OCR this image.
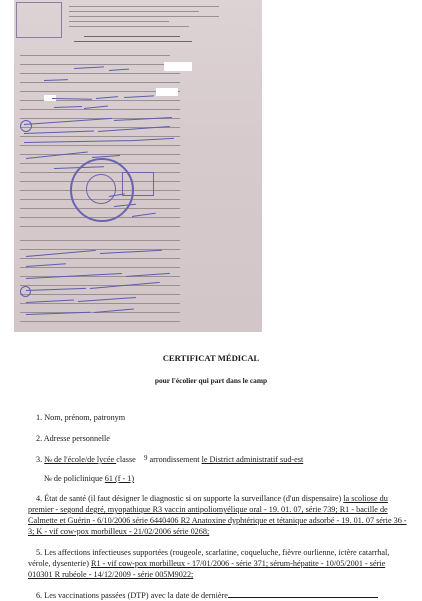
CERTIFICAT MÉDICAL
pour l'écolier qui part dans le camp
1. Nom, prénom, patronym
2. Adresse personnelle
3. № de l'école/de lycée classe 9 arrondissement le District administratif sud-est
№ de policlinique 61 (f - 1)
4. État de santé (il faut désigner le diagnostic si on supporte la surveillance (d'un dispensaire) la scoliose du
premier - segond degré, myopathique R3 vaccin antipoliomyélique oral - 19. 01. 07, série 739; R1 - bacille de
Calmette et Guérin - 6/10/2006 série 6440406 R2 Anatoxine dyphtérique et tétanique adsorbé - 19. 01. 07 série 36 -
3; K - vif cow-pox morbilleux - 21/02/2006 série 0268;
5. Les affections infectieuses supportées (rougeole, scarlatine, coqueluche, fièvre ourlienne, ictère catarrhal,
vérole, dysenterie) R1 - vif cow-pox morbilleux - 17/01/2006 - série 371; sérum-hépatite - 10/05/2001 - série
010301 R rubéole - 14/12/2009 - série 005M9022;
6. Les vaccinations passées (DTP) avec la date de dernière
